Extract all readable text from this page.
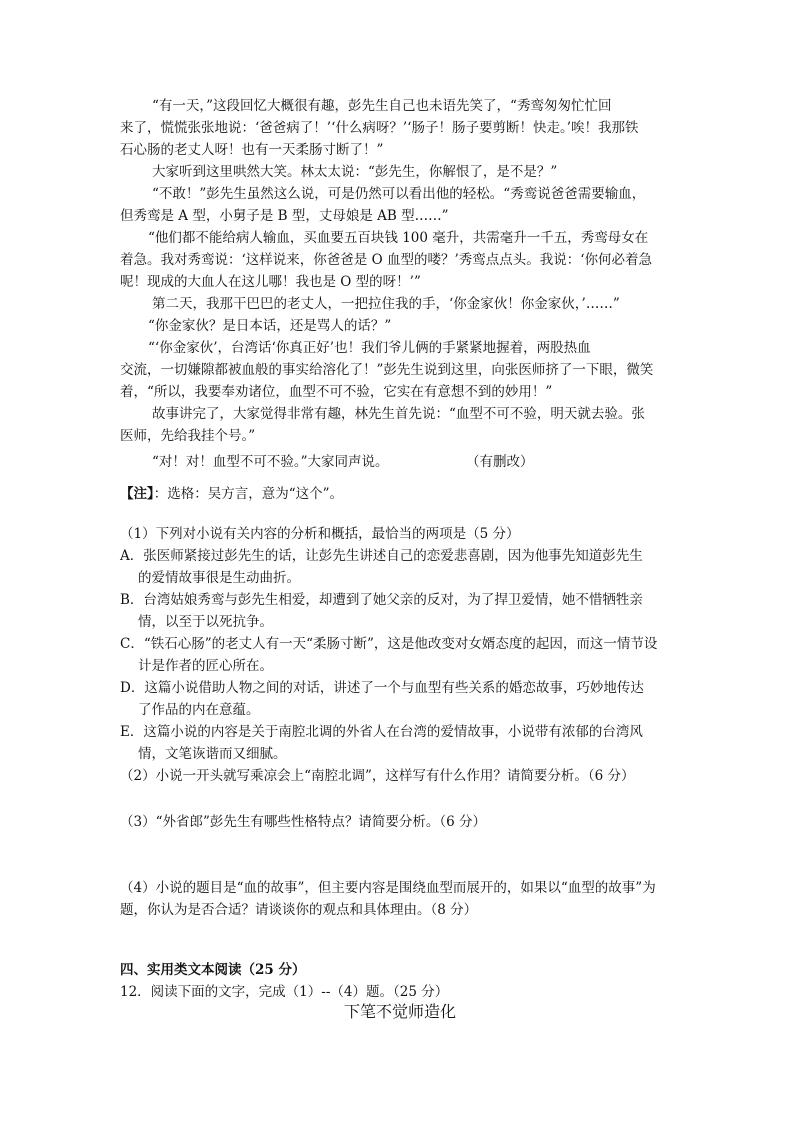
“有一天，”这段回忆大概很有趣，彭先生自己也未语先笑了，“秀鸾匆匆忙忙回
来了，慌慌张张地说：‘爸爸病了！’‘什么病呀？’‘肠子！肠子要剪断！快走。’唉！我那铁
石心肠的老丈人呀！也有一天柔肠寸断了！”
大家听到这里哄然大笑。林太太说：“彭先生，你解恨了，是不是？”
“不敢！”彭先生虽然这么说，可是仍然可以看出他的轻松。“秀鸾说爸爸需要输血，
但秀鸾是 A 型，小舅子是 B 型，丈母娘是 AB 型……”
“他们都不能给病人输血，买血要五百块钱 100 毫升，共需毫升一千五，秀鸾母女在
着急。我对秀鸾说：‘这样说来，你爸爸是 O 血型的喽？’秀鸾点点头。我说：‘你何必着急
呢！现成的大血人在这儿哪！我也是 O 型的呀！’”
第二天，我那干巴巴的老丈人，一把拉住我的手，‘你金家伙！你金家伙，’……”
“你金家伙？是日本话，还是骂人的话？”
“‘你金家伙’，台湾话‘你真正好’也！我们爷儿俩的手紧紧地握着，两股热血
交流，一切嫌隙都被血般的事实给溶化了！”彭先生说到这里，向张医师挤了一下眼，微笑
着，“所以，我要奉劝诸位，血型不可不验，它实在有意想不到的妙用！”
故事讲完了，大家觉得非常有趣，林先生首先说：“血型不可不验，明天就去验。张
医师，先给我挂个号。”
“对！对！血型不可不验。”大家同声说。	（有删改）
【注】：选格：吴方言，意为“这个”。
（1）下列对小说有关内容的分析和概括，最恰当的两项是（5 分）
A．张医师紧接过彭先生的话，让彭先生讲述自己的恋爱悲喜剧，因为他事先知道彭先生
的爱情故事很是生动曲折。
B．台湾姑娘秀鸾与彭先生相爱，却遭到了她父亲的反对，为了捍卫爱情，她不惜牺牲亲
情，以至于以死抗争。
C．“铁石心肠”的老丈人有一天“柔肠寸断”，这是他改变对女婿态度的起因，而这一情节设
计是作者的匠心所在。
D．这篇小说借助人物之间的对话，讲述了一个与血型有些关系的婚恋故事，巧妙地传达
了作品的内在意蕴。
E．这篇小说的内容是关于南腔北调的外省人在台湾的爱情故事，小说带有浓郁的台湾风
情，文笔诙谐而又细腻。
（2）小说一开头就写乘凉会上“南腔北调”，这样写有什么作用？请简要分析。（6 分）
（3）“外省郎”彭先生有哪些性格特点？请简要分析。（6 分）
（4）小说的题目是“血的故事”，但主要内容是围绕血型而展开的，如果以“血型的故事”为
题，你认为是否合适？请谈谈你的观点和具体理由。（8 分）
四、实用类文本阅读（25 分）
12．阅读下面的文字，完成（1）--（4）题。（25 分）
下笔不觉师造化
